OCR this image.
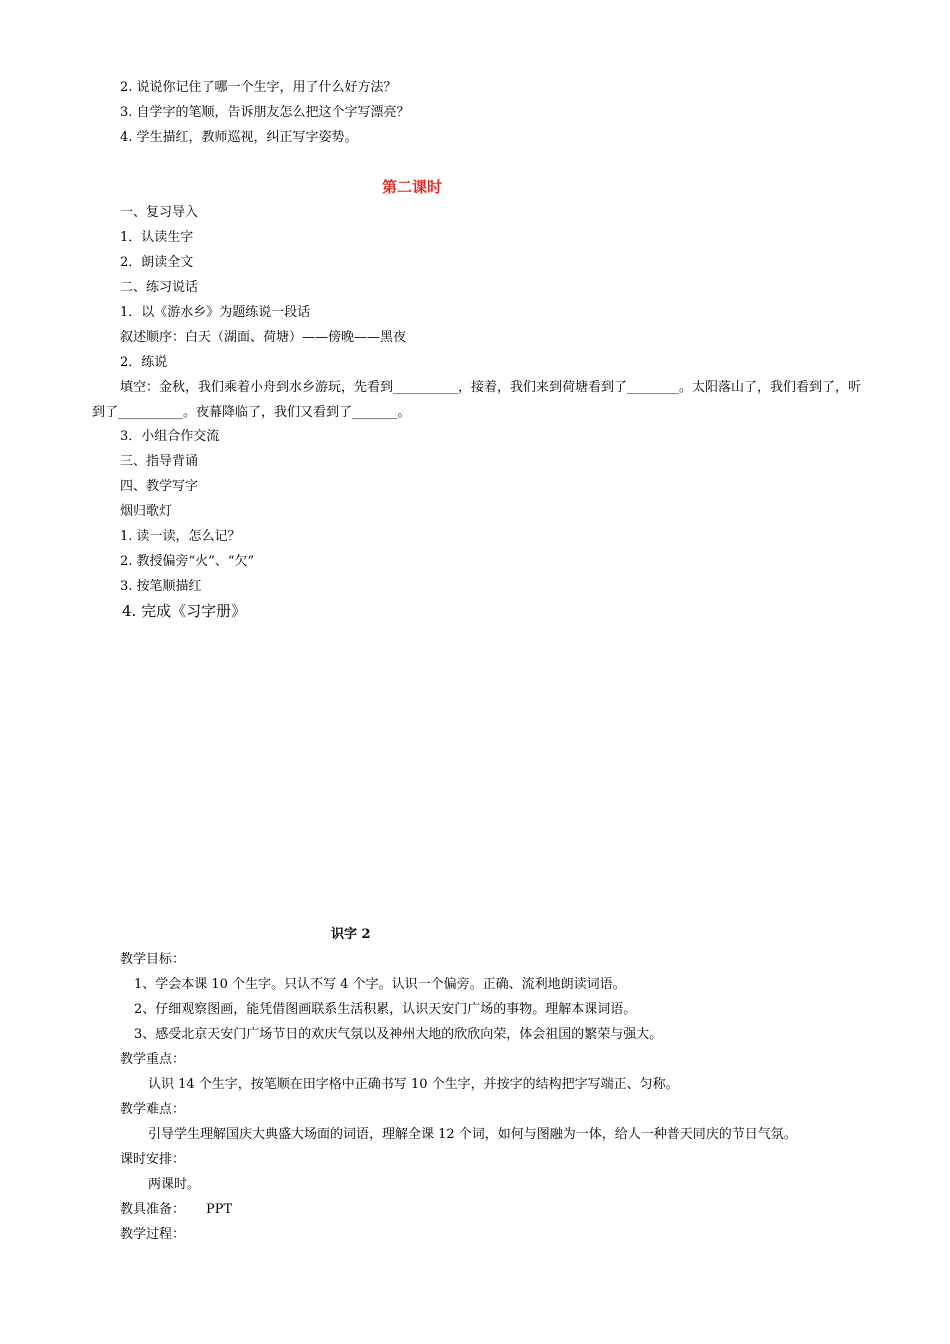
2. 说说你记住了哪一个生字，用了什么好方法？
3. 自学字的笔顺，告诉朋友怎么把这个字写漂亮？
4. 学生描红，教师巡视，纠正写字姿势。
第二课时
一、复习导入
1．认读生字
2．朗读全文
二、练习说话
1．以《游水乡》为题练说一段话
叙述顺序：白天（湖面、荷塘）——傍晚——黑夜
2．练说
填空：金秋，我们乘着小舟到水乡游玩，先看到__________，接着，我们来到荷塘看到了________。太阳落山了，我们看到了，听到了__________。夜幕降临了，我们又看到了_______。
3．小组合作交流
三、指导背诵
四、教学写字
烟归歌灯
1. 读一读，怎么记？
2. 教授偏旁“火”、“欠”
3. 按笔顺描红
4. 完成《习字册》
识字 2
教学目标：
1、学会本课 10 个生字。只认不写 4 个字。认识一个偏旁。正确、流利地朗读词语。
2、仔细观察图画，能凭借图画联系生活积累，认识天安门广场的事物。理解本课词语。
3、感受北京天安门广场节日的欢庆气氛以及神州大地的欣欣向荣，体会祖国的繁荣与强大。
教学重点：
认识 14 个生字，按笔顺在田字格中正确书写 10 个生字，并按字的结构把字写端正、匀称。
教学难点：
引导学生理解国庆大典盛大场面的词语，理解全课 12 个词，如何与图融为一体，给人一种普天同庆的节日气氛。
课时安排：
两课时。
教具准备： PPT
教学过程：
